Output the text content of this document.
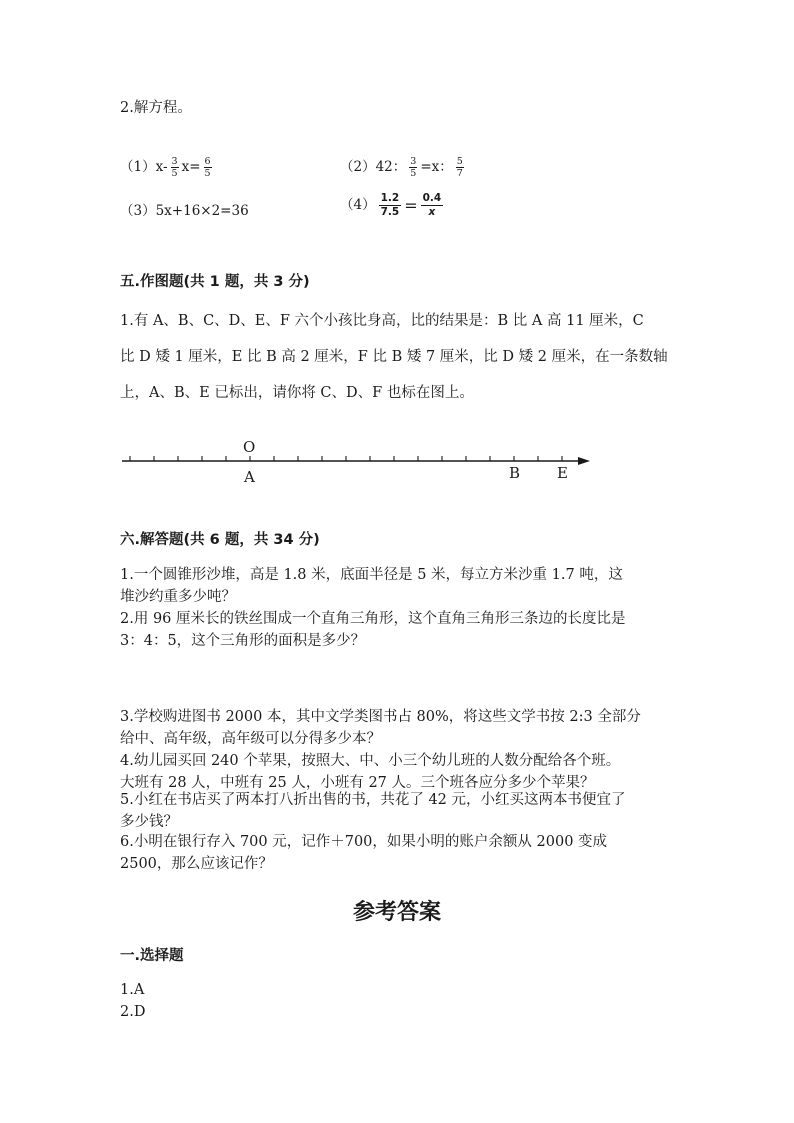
2.解方程。
$(1)x- \frac{3}{5} x= \frac{6}{5}$	（2）42： $\frac{3}{5} =x$： $\frac{5}{7}$
（3）5x+16×2=36	$(4) \frac{1.2}{7.5} = \frac{0.4}{x}$
五.作图题(共 1 题，共 3 分)
1.有 A、B、C、D、E、F 六个小孩比身高，比的结果是：B 比 A 高 11 厘米，C
比 D 矮 1 厘米，E 比 B 高 2 厘米，F 比 B 矮 7 厘米，比 D 矮 2 厘米，在一条数轴
上，A、B、E 已标出，请你将 C、D、F 也标在图上。
O
A	B E
六.解答题(共 6 题，共 34 分)
1.一个圆锥形沙堆，高是 1.8 米，底面半径是 5 米，每立方米沙重 1.7 吨，这
堆沙约重多少吨？
2.用 96 厘米长的铁丝围成一个直角三角形，这个直角三角形三条边的长度比是
3：4：5，这个三角形的面积是多少？
3.学校购进图书 2000 本，其中文学类图书占 80%，将这些文学书按 2:3 全部分
给中、高年级，高年级可以分得多少本？
4.幼儿园买回 240 个苹果，按照大、中、小三个幼儿班的人数分配给各个班。
大班有 28 人，中班有 25 人，小班有 27 人。三个班各应分多少个苹果？
5.小红在书店买了两本打八折出售的书，共花了 42 元，小红买这两本书便宜了
多少钱？
6.小明在银行存入 700 元，记作＋700，如果小明的账户余额从 2000 变成
2500，那么应该记作？
参考答案
一.选择题
1.A
2.D
